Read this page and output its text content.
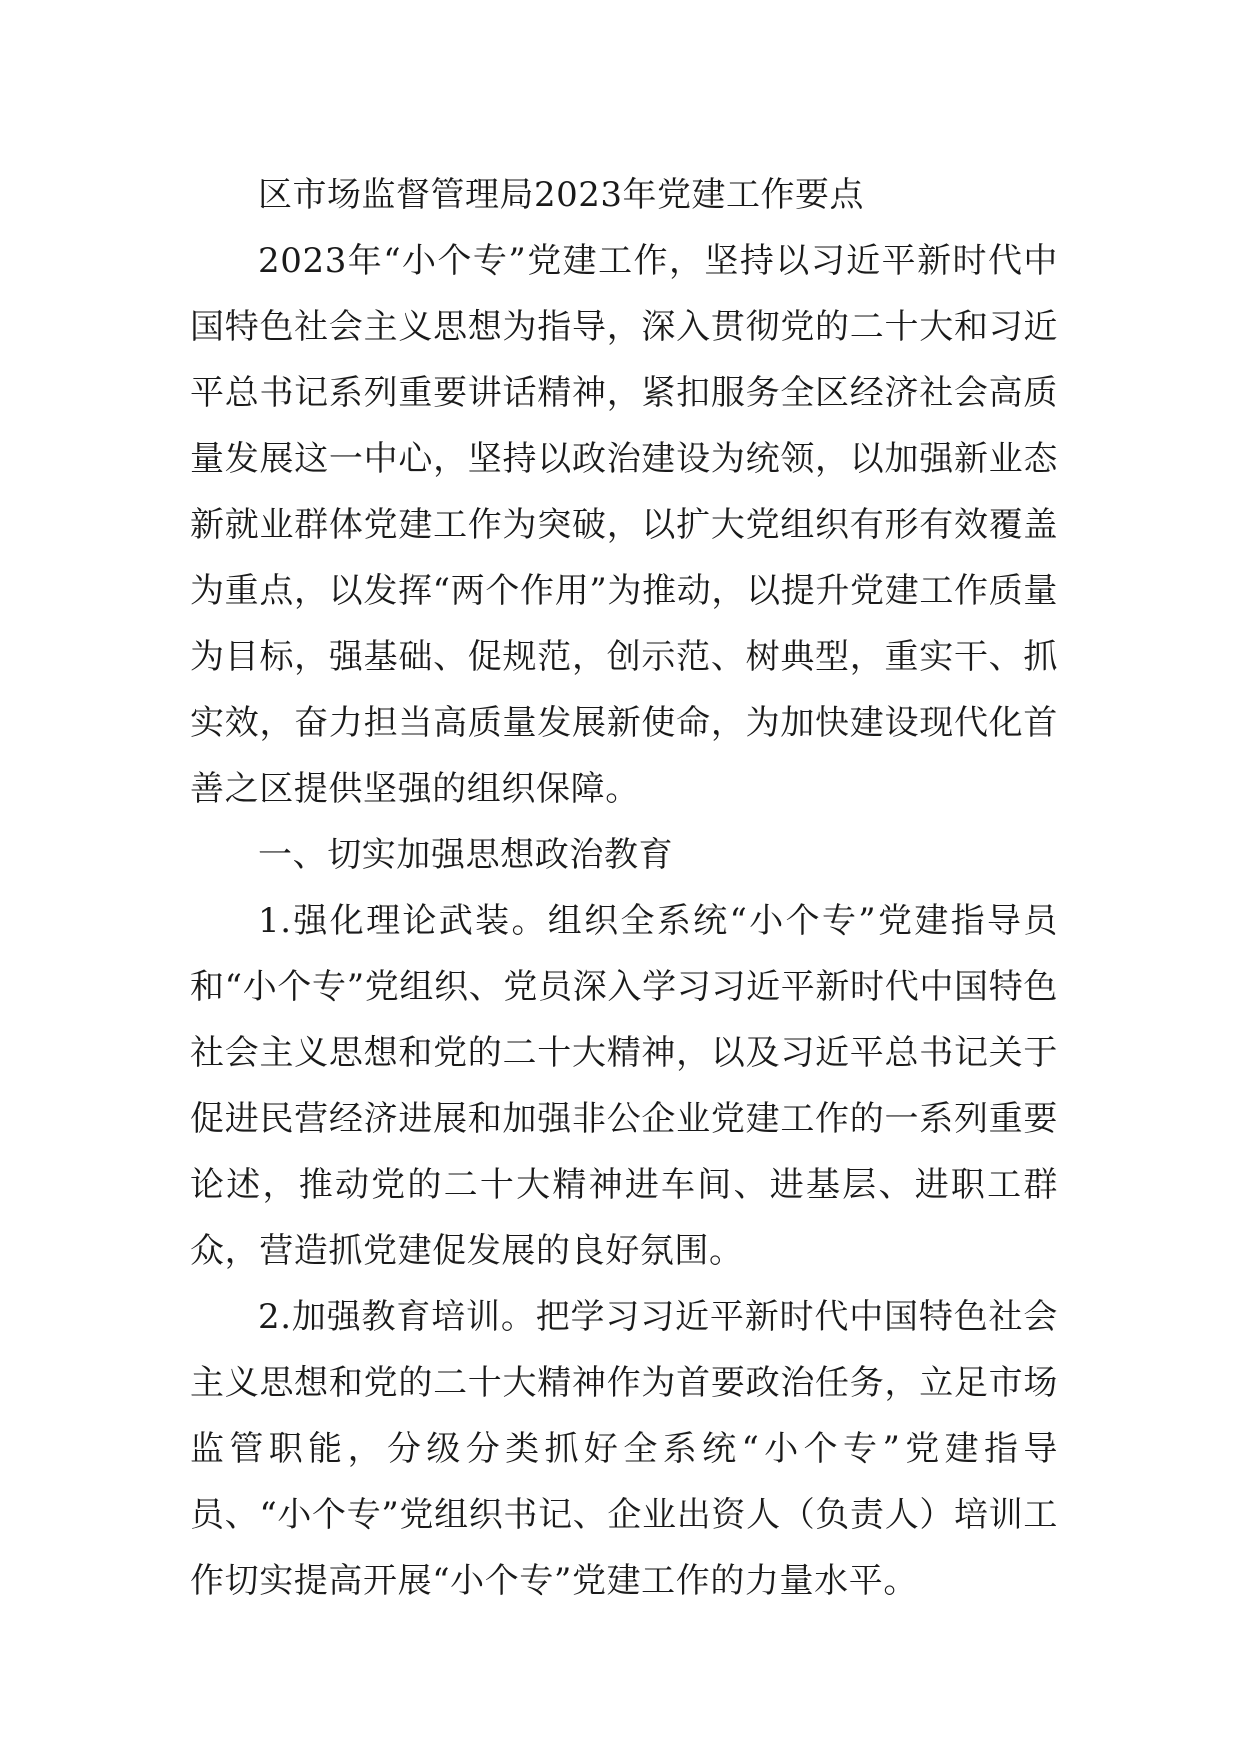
区市场监督管理局2023年党建工作要点

2023年“小个专”党建工作，坚持以习近平新时代中国特色社会主义思想为指导，深入贯彻党的二十大和习近平总书记系列重要讲话精神，紧扣服务全区经济社会高质量发展这一中心，坚持以政治建设为统领，以加强新业态新就业群体党建工作为突破，以扩大党组织有形有效覆盖为重点，以发挥“两个作用”为推动，以提升党建工作质量为目标，强基础、促规范，创示范、树典型，重实干、抓实效，奋力担当高质量发展新使命，为加快建设现代化首善之区提供坚强的组织保障。

一、切实加强思想政治教育

1.强化理论武装。组织全系统“小个专”党建指导员和“小个专”党组织、党员深入学习习近平新时代中国特色社会主义思想和党的二十大精神，以及习近平总书记关于促进民营经济进展和加强非公企业党建工作的一系列重要论述，推动党的二十大精神进车间、进基层、进职工群众，营造抓党建促发展的良好氛围。

2.加强教育培训。把学习习近平新时代中国特色社会主义思想和党的二十大精神作为首要政治任务，立足市场监管职能，分级分类抓好全系统“小个专”党建指导员、“小个专”党组织书记、企业出资人（负责人）培训工作切实提高开展“小个专”党建工作的力量水平。
